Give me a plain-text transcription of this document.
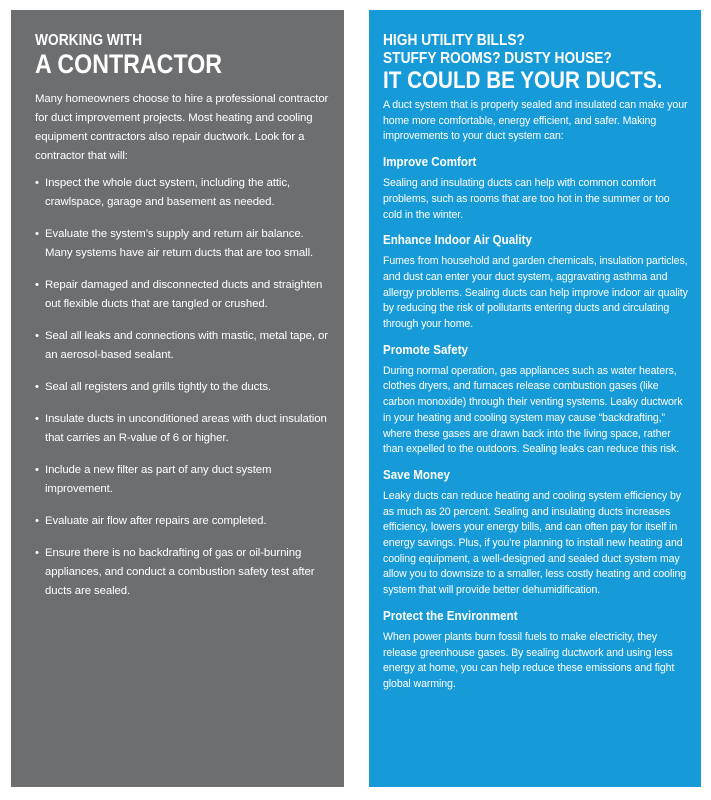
WORKING WITH
A CONTRACTOR

Many homeowners choose to hire a professional contractor for duct improvement projects. Most heating and cooling equipment contractors also repair ductwork. Look for a contractor that will:

• Inspect the whole duct system, including the attic, crawlspace, garage and basement as needed.
• Evaluate the system’s supply and return air balance. Many systems have air return ducts that are too small.
• Repair damaged and disconnected ducts and straighten out flexible ducts that are tangled or crushed.
• Seal all leaks and connections with mastic, metal tape, or an aerosol-based sealant.
• Seal all registers and grills tightly to the ducts.
• Insulate ducts in unconditioned areas with duct insulation that carries an R-value of 6 or higher.
• Include a new filter as part of any duct system improvement.
• Evaluate air flow after repairs are completed.
• Ensure there is no backdrafting of gas or oil-burning appliances, and conduct a combustion safety test after ducts are sealed.
HIGH UTILITY BILLS?
STUFFY ROOMS? DUSTY HOUSE?
IT COULD BE YOUR DUCTS.

A duct system that is properly sealed and insulated can make your home more comfortable, energy efficient, and safer. Making improvements to your duct system can:

Improve Comfort

Sealing and insulating ducts can help with common comfort problems, such as rooms that are too hot in the summer or too cold in the winter.

Enhance Indoor Air Quality

Fumes from household and garden chemicals, insulation particles, and dust can enter your duct system, aggravating asthma and allergy problems. Sealing ducts can help improve indoor air quality by reducing the risk of pollutants entering ducts and circulating through your home.

Promote Safety

During normal operation, gas appliances such as water heaters, clothes dryers, and furnaces release combustion gases (like carbon monoxide) through their venting systems. Leaky ductwork in your heating and cooling system may cause “backdrafting,” where these gases are drawn back into the living space, rather than expelled to the outdoors. Sealing leaks can reduce this risk.

Save Money

Leaky ducts can reduce heating and cooling system efficiency by as much as 20 percent. Sealing and insulating ducts increases efficiency, lowers your energy bills, and can often pay for itself in energy savings. Plus, if you’re planning to install new heating and cooling equipment, a well-designed and sealed duct system may allow you to downsize to a smaller, less costly heating and cooling system that will provide better dehumidification.

Protect the Environment

When power plants burn fossil fuels to make electricity, they release greenhouse gases. By sealing ductwork and using less energy at home, you can help reduce these emissions and fight global warming.
